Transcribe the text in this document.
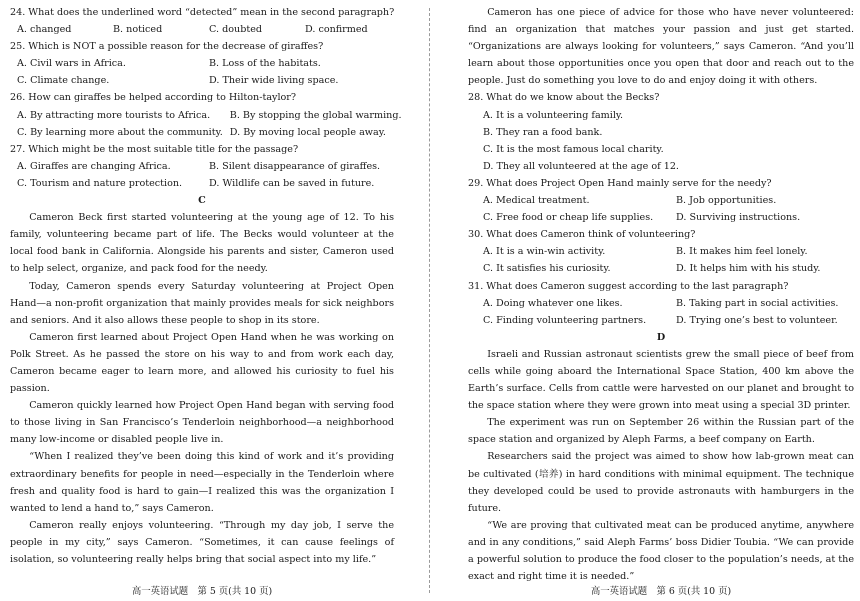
24. What does the underlined word “detected” mean in the second paragraph?
A. changed	B. noticed	C. doubted	D. confirmed
25. Which is NOT a possible reason for the decrease of giraffes?
A. Civil wars in Africa.	B. Loss of the habitats.
C. Climate change.	D. Their wide living space.
26. How can giraffes be helped according to Hilton-taylor?
A. By attracting more tourists to Africa.	B. By stopping the global warming.
C. By learning more about the community. D. By moving local people away.
27. Which might be the most suitable title for the passage?
A. Giraffes are changing Africa.	B. Silent disappearance of giraffes.
C. Tourism and nature protection.	D. Wildlife can be saved in future.
C

Cameron Beck first started volunteering at the young age of 12. To his family, volunteering became part of life. The Becks would volunteer at the local food bank in California. Alongside his parents and sister, Cameron used to help select, organize, and pack food for the needy.

Today, Cameron spends every Saturday volunteering at Project Open Hand—a non-profit organization that mainly provides meals for sick neighbors and seniors. And it also allows these people to shop in its store.

Cameron first learned about Project Open Hand when he was working on Polk Street. As he passed the store on his way to and from work each day, Cameron became eager to learn more, and allowed his curiosity to fuel his passion.

Cameron quickly learned how Project Open Hand began with serving food to those living in San Francisco’s Tenderloin neighborhood—a neighborhood many low-income or disabled people live in.

“When I realized they’ve been doing this kind of work and it’s providing extraordinary benefits for people in need—especially in the Tenderloin where fresh and quality food is hard to gain—I realized this was the organization I wanted to lend a hand to,” says Cameron.

Cameron really enjoys volunteering. “Through my day job, I serve the people in my city,” says Cameron. “Sometimes, it can cause feelings of isolation, so volunteering really helps bring that social aspect into my life.”

高一英语试题　第 5 页(共 10 页)

Cameron has one piece of advice for those who have never volunteered: find an organization that matches your passion and just get started. “Organizations are always looking for volunteers,” says Cameron. “And you’ll learn about those opportunities once you open that door and reach out to the people. Just do something you love to do and enjoy doing it with others.

28. What do we know about the Becks?
A. It is a volunteering family.
B. They ran a food bank.
C. It is the most famous local charity.
D. They all volunteered at the age of 12.
29. What does Project Open Hand mainly serve for the needy?
A. Medical treatment.	B. Job opportunities.
C. Free food or cheap life supplies.	D. Surviving instructions.
30. What does Cameron think of volunteering?
A. It is a win-win activity.	B. It makes him feel lonely.
C. It satisfies his curiosity.	D. It helps him with his study.
31. What does Cameron suggest according to the last paragraph?
A. Doing whatever one likes.	B. Taking part in social activities.
C. Finding volunteering partners.	D. Trying one’s best to volunteer.
D

Israeli and Russian astronaut scientists grew the small piece of beef from cells while going aboard the International Space Station, 400 km above the Earth’s surface. Cells from cattle were harvested on our planet and brought to the space station where they were grown into meat using a special 3D printer.

The experiment was run on September 26 within the Russian part of the space station and organized by Aleph Farms, a beef company on Earth.

Researchers said the project was aimed to show how lab-grown meat can be cultivated (培养) in hard conditions with minimal equipment. The technique they developed could be used to provide astronauts with hamburgers in the future.

“We are proving that cultivated meat can be produced anytime, anywhere and in any conditions,” said Aleph Farms’ boss Didier Toubia. “We can provide a powerful solution to produce the food closer to the population’s needs, at the exact and right time it is needed.”

高一英语试题　第 6 页(共 10 页)
